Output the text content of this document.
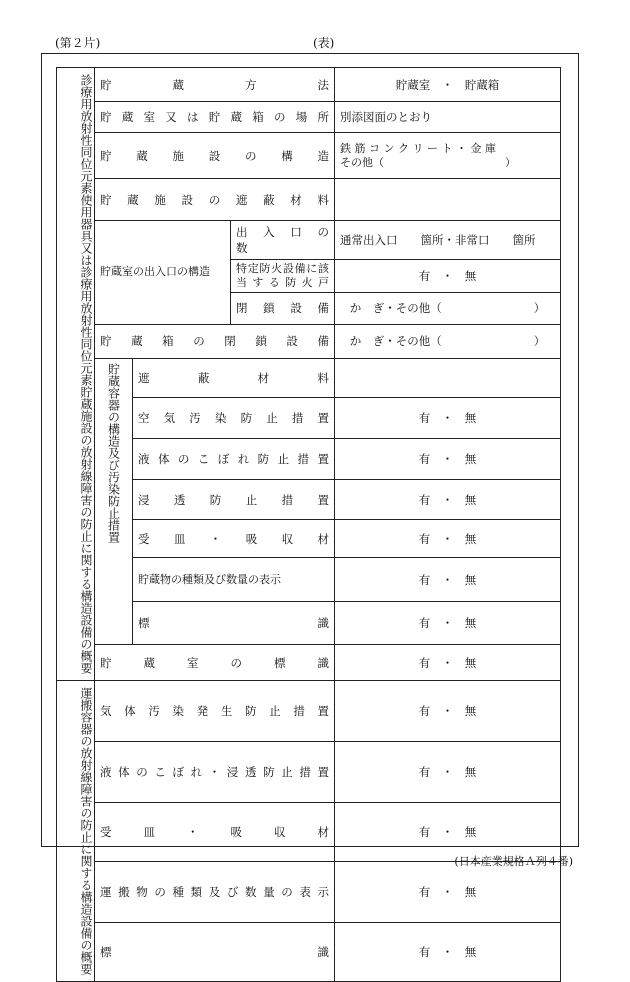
(第２片)	(表)
診療用放射性同位元素使用器具又は診療用放射性同位元素貯蔵施設の放射線障害の防止に関する構造設備の概要	貯　　蔵　　方　　法			貯蔵室　・　貯蔵箱
	貯蔵室又は貯蔵箱の場所			別添図面のとおり
	貯　蔵　施　設　の　構　造			鉄 筋 コ ン ク リ ー ト ・ 金 庫
その他（　　　　　　　　　　　）

	貯　蔵　施　設　の　遮　蔽　材　料			
	貯蔵室の出入口の構造		出　入　口　の　数	通常出入口　　箇所・非常口　　箇所
			特定防火設備に該当 す る 防 火 戸	有　・　無
			閉　鎖　設　備	か　ぎ・その他（　　　　　　　　）
	貯　蔵　箱　の　閉　鎖　設　備			か　ぎ・その他（　　　　　　　　）
	貯蔵容器の構造及び汚染防止措置	遮　　蔽　　材　　料		
		空 気 汚 染 防 止 措 置		有　・　無
		液体のこぼれ防止措置		有　・　無
		浸　透　防　止　措　置		有　・　無
		受　皿　・　吸　収　材		有　・　無
		貯蔵物の種類及び数量の表示		有　・　無
		標　　　　　　　　　識		有　・　無
	貯　蔵　室　の　標　識			有　・　無

運搬容器の放射線障害の防止に関する構造設備の概要	気 体 汚 染 発 生 防 止 措 置			有　・　無
	液体のこぼれ・浸透防止措置			有　・　無
	受　皿　・　吸　収　材			有　・　無
	運搬物の種類及び数量の表示			有　・　無
	標　　　　　　　　　識			有　・　無
(日本産業規格Ａ列４番)
